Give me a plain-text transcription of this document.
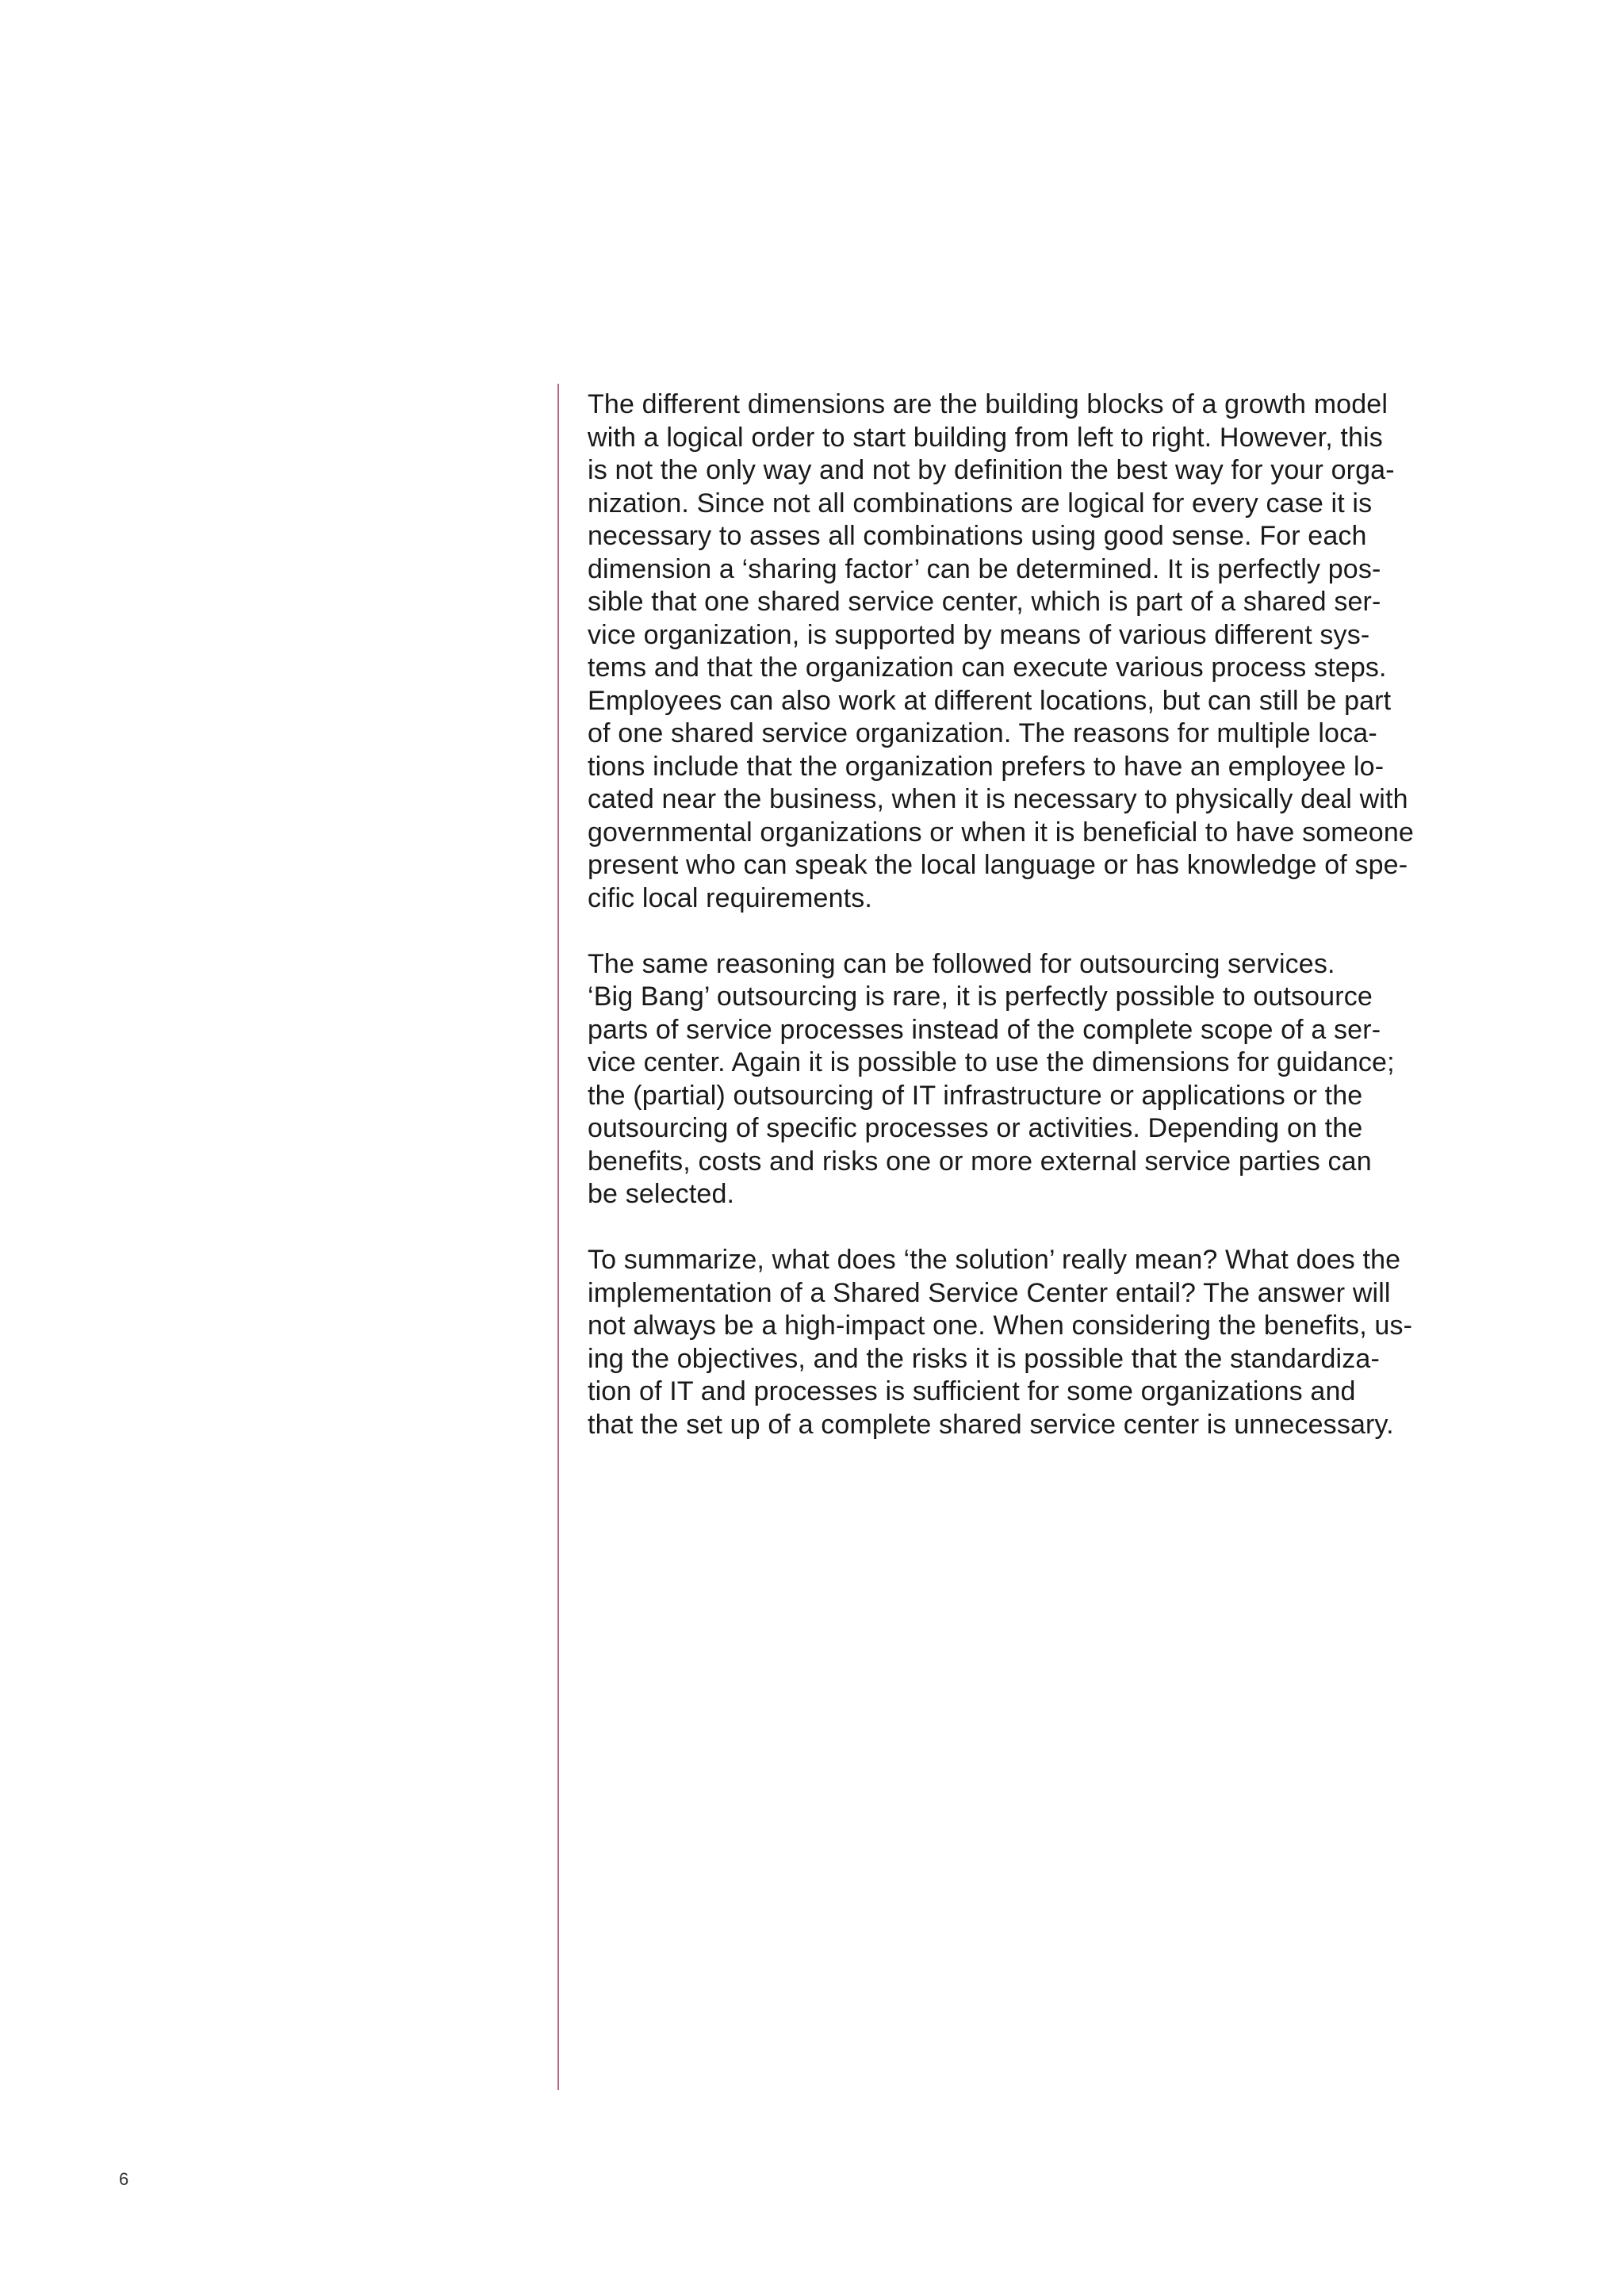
The different dimensions are the building blocks of a growth model
with a logical order to start building from left to right. However, this
is not the only way and not by definition the best way for your orga-
nization. Since not all combinations are logical for every case it is
necessary to asses all combinations using good sense. For each
dimension a ‘sharing factor’ can be determined. It is perfectly pos-
sible that one shared service center, which is part of a shared ser-
vice organization, is supported by means of various different sys-
tems and that the organization can execute various process steps.
Employees can also work at different locations, but can still be part
of one shared service organization. The reasons for multiple loca-
tions include that the organization prefers to have an employee lo-
cated near the business, when it is necessary to physically deal with
governmental organizations or when it is beneficial to have someone
present who can speak the local language or has knowledge of spe-
cific local requirements.
The same reasoning can be followed for outsourcing services.
‘Big Bang’ outsourcing is rare, it is perfectly possible to outsource
parts of service processes instead of the complete scope of a ser-
vice center. Again it is possible to use the dimensions for guidance;
the (partial) outsourcing of IT infrastructure or applications or the
outsourcing of specific processes or activities. Depending on the
benefits, costs and risks one or more external service parties can
be selected.
To summarize, what does ‘the solution’ really mean? What does the
implementation of a Shared Service Center entail? The answer will
not always be a high-impact one. When considering the benefits, us-
ing the objectives, and the risks it is possible that the standardiza-
tion of IT and processes is sufficient for some organizations and
that the set up of a complete shared service center is unnecessary.
6
